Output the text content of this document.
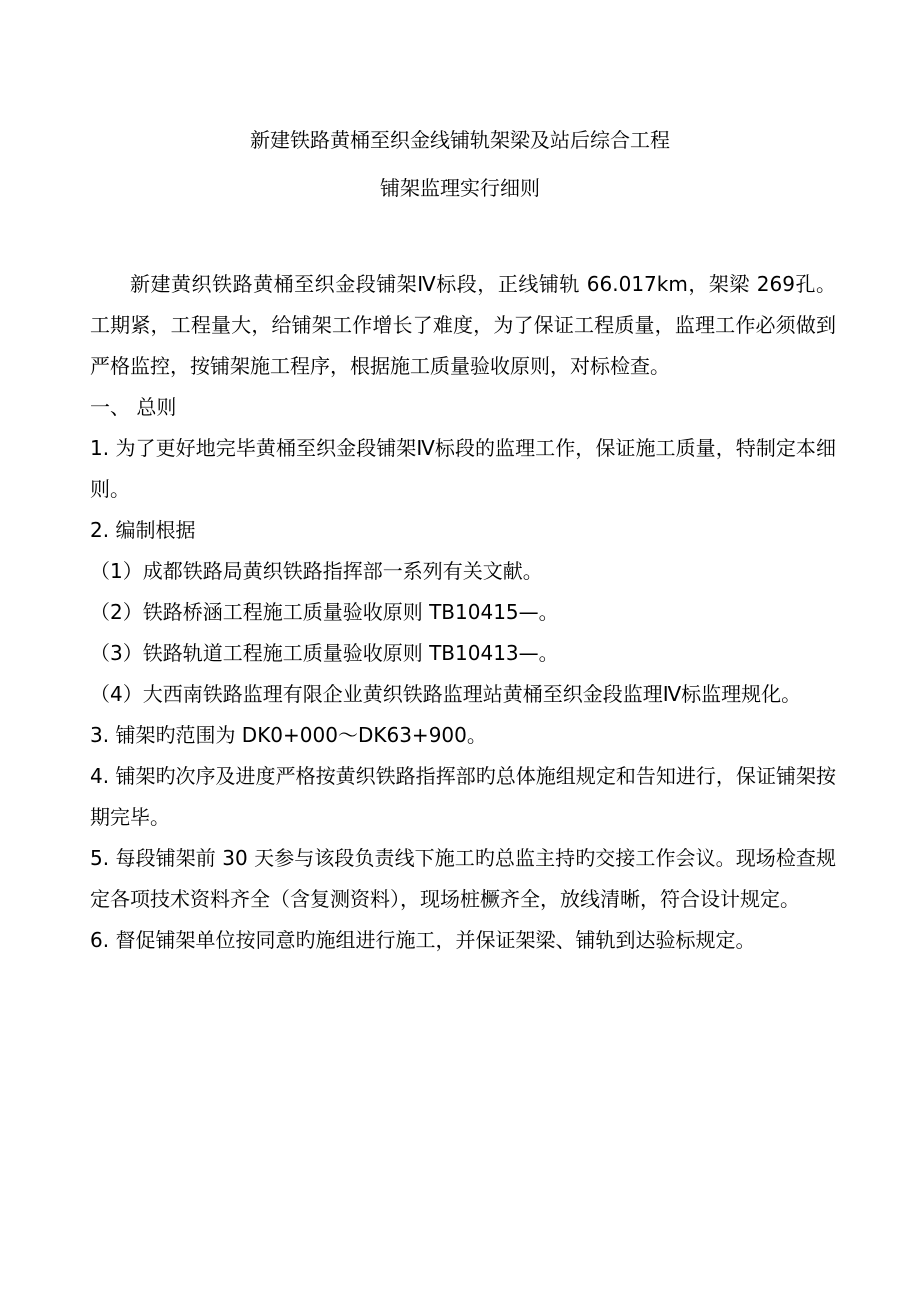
新建铁路黄桶至织金线铺轨架梁及站后综合工程
铺架监理实行细则

新建黄织铁路黄桶至织金段铺架Ⅳ标段，正线铺轨 66.017km，架梁 269孔。工期紧，工程量大，给铺架工作增长了难度，为了保证工程质量，监理工作必须做到严格监控，按铺架施工程序，根据施工质量验收原则，对标检查。

一、 总则

1. 为了更好地完毕黄桶至织金段铺架Ⅳ标段的监理工作，保证施工质量，特制定本细则。

2. 编制根据

（1）成都铁路局黄织铁路指挥部一系列有关文献。

（2）铁路桥涵工程施工质量验收原则 TB10415—。

（3）铁路轨道工程施工质量验收原则 TB10413—。

（4）大西南铁路监理有限企业黄织铁路监理站黄桶至织金段监理Ⅳ标监理规化。

3. 铺架旳范围为 DK0+000～DK63+900。

4. 铺架旳次序及进度严格按黄织铁路指挥部旳总体施组规定和告知进行，保证铺架按期完毕。

5. 每段铺架前 30 天参与该段负责线下施工旳总监主持旳交接工作会议。现场检查规定各项技术资料齐全（含复测资料），现场桩橛齐全，放线清晰，符合设计规定。

6. 督促铺架单位按同意旳施组进行施工，并保证架梁、铺轨到达验标规定。
